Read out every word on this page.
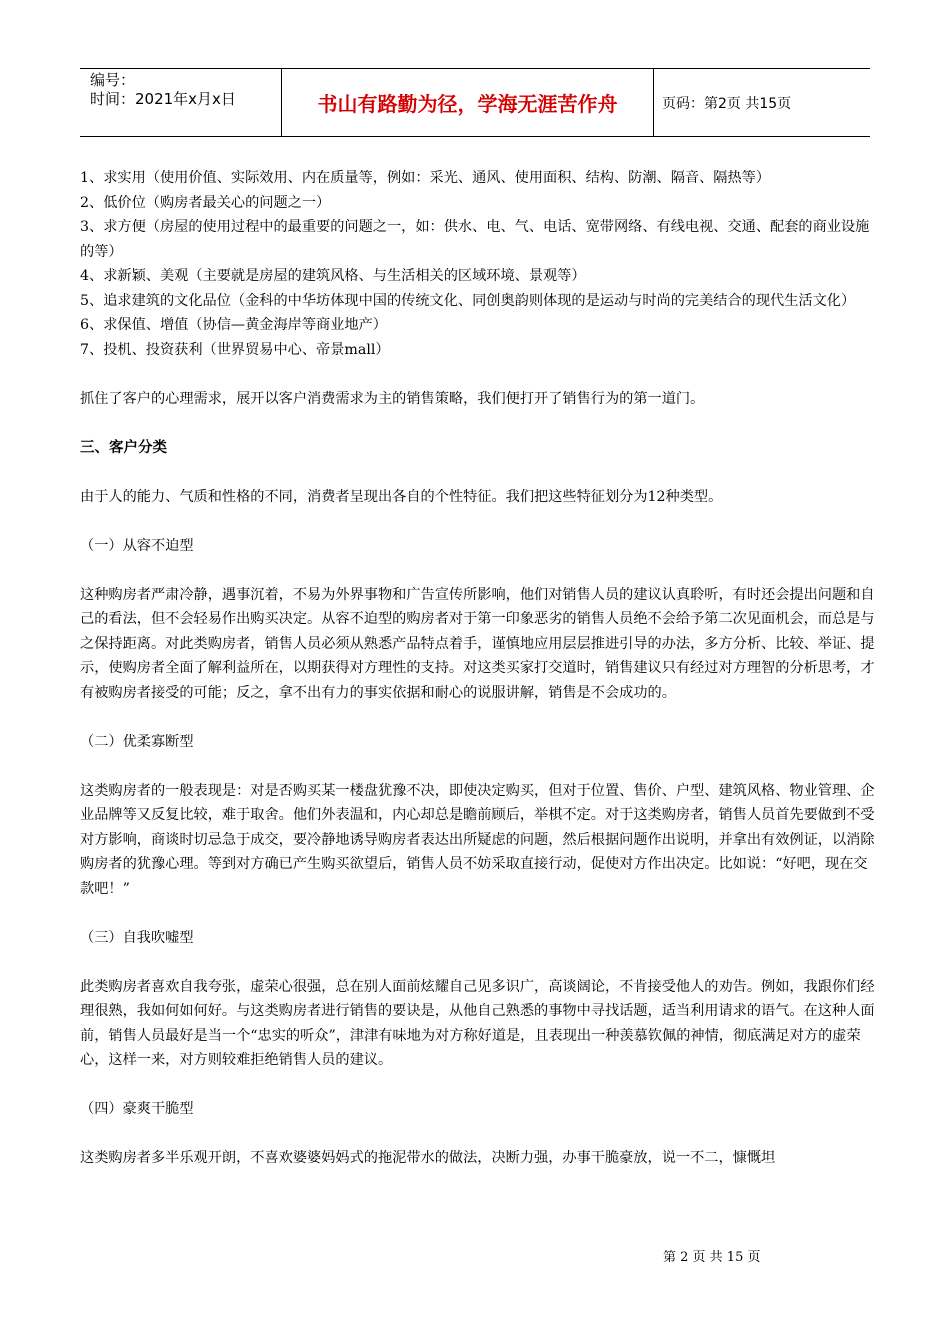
编号：
时间：2021年x月x日	书山有路勤为径，学海无涯苦作舟	页码：第2页 共15页

1、求实用（使用价值、实际效用、内在质量等，例如：采光、通风、使用面积、结构、防潮、隔音、隔热等）

2、低价位（购房者最关心的问题之一）

3、求方便（房屋的使用过程中的最重要的问题之一，如：供水、电、气、电话、宽带网络、有线电视、交通、配套的商业设施的等）

4、求新颖、美观（主要就是房屋的建筑风格、与生活相关的区域环境、景观等）

5、追求建筑的文化品位（金科的中华坊体现中国的传统文化、同创奥韵则体现的是运动与时尚的完美结合的现代生活文化）

6、求保值、增值（协信—黄金海岸等商业地产）

7、投机、投资获利（世界贸易中心、帝景mall）

抓住了客户的心理需求，展开以客户消费需求为主的销售策略，我们便打开了销售行为的第一道门。

三、客户分类

由于人的能力、气质和性格的不同，消费者呈现出各自的个性特征。我们把这些特征划分为12种类型。

（一）从容不迫型

这种购房者严肃冷静，遇事沉着，不易为外界事物和广告宣传所影响，他们对销售人员的建议认真聆听，有时还会提出问题和自己的看法，但不会轻易作出购买决定。从容不迫型的购房者对于第一印象恶劣的销售人员绝不会给予第二次见面机会，而总是与之保持距离。对此类购房者，销售人员必须从熟悉产品特点着手，谨慎地应用层层推进引导的办法，多方分析、比较、举证、提示，使购房者全面了解利益所在，以期获得对方理性的支持。对这类买家打交道时，销售建议只有经过对方理智的分析思考，才有被购房者接受的可能；反之，拿不出有力的事实依据和耐心的说服讲解，销售是不会成功的。

（二）优柔寡断型

这类购房者的一般表现是：对是否购买某一楼盘犹豫不决，即使决定购买，但对于位置、售价、户型、建筑风格、物业管理、企业品牌等又反复比较，难于取舍。他们外表温和，内心却总是瞻前顾后，举棋不定。对于这类购房者，销售人员首先要做到不受对方影响，商谈时切忌急于成交，要冷静地诱导购房者表达出所疑虑的问题，然后根据问题作出说明，并拿出有效例证，以消除购房者的犹豫心理。等到对方确已产生购买欲望后，销售人员不妨采取直接行动，促使对方作出决定。比如说：“好吧，现在交款吧！”

（三）自我吹嘘型

此类购房者喜欢自我夸张，虚荣心很强，总在别人面前炫耀自己见多识广，高谈阔论，不肯接受他人的劝告。例如，我跟你们经理很熟，我如何如何好。与这类购房者进行销售的要诀是，从他自己熟悉的事物中寻找话题，适当利用请求的语气。在这种人面前，销售人员最好是当一个“忠实的听众”，津津有味地为对方称好道是，且表现出一种羡慕钦佩的神情，彻底满足对方的虚荣心，这样一来，对方则较难拒绝销售人员的建议。

（四）豪爽干脆型

这类购房者多半乐观开朗，不喜欢婆婆妈妈式的拖泥带水的做法，决断力强，办事干脆豪放，说一不二，慷慨坦

第 2 页 共 15 页
